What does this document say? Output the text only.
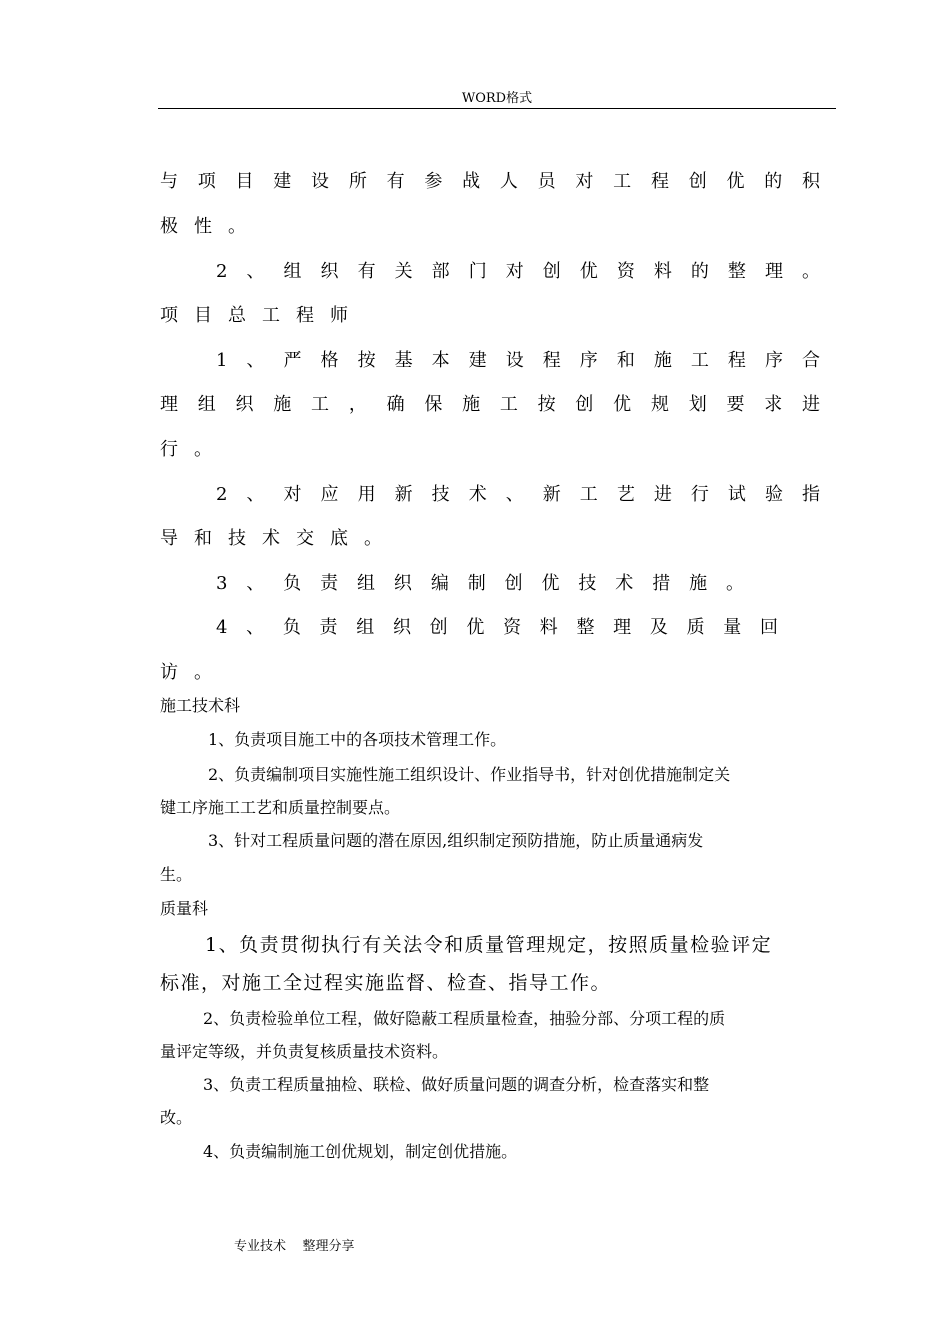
WORD格式
与项目建设所有参战人员对工程创优的积
极性。
2、组织有关部门对创优资料的整理。
项目总工程师
1、严格按基本建设程序和施工程序合
理组织施工，确保施工按创优规划要求进
行。
2、对应用新技术、新工艺进行试验指
导和技术交底。
3、负责组织编制创优技术措施。
4、负责组织创优资料整理及质量回
访。
施工技术科
1、负责项目施工中的各项技术管理工作。
2、负责编制项目实施性施工组织设计、作业指导书，针对创优措施制定关
键工序施工工艺和质量控制要点。
3、针对工程质量问题的潜在原因,组织制定预防措施，防止质量通病发
生。
质量科
1、负责贯彻执行有关法令和质量管理规定，按照质量检验评定
标准，对施工全过程实施监督、检查、指导工作。
2、负责检验单位工程，做好隐蔽工程质量检查，抽验分部、分项工程的质
量评定等级，并负责复核质量技术资料。
3、负责工程质量抽检、联检、做好质量问题的调查分析，检查落实和整
改。
4、负责编制施工创优规划，制定创优措施。
专业技术    整理分享
